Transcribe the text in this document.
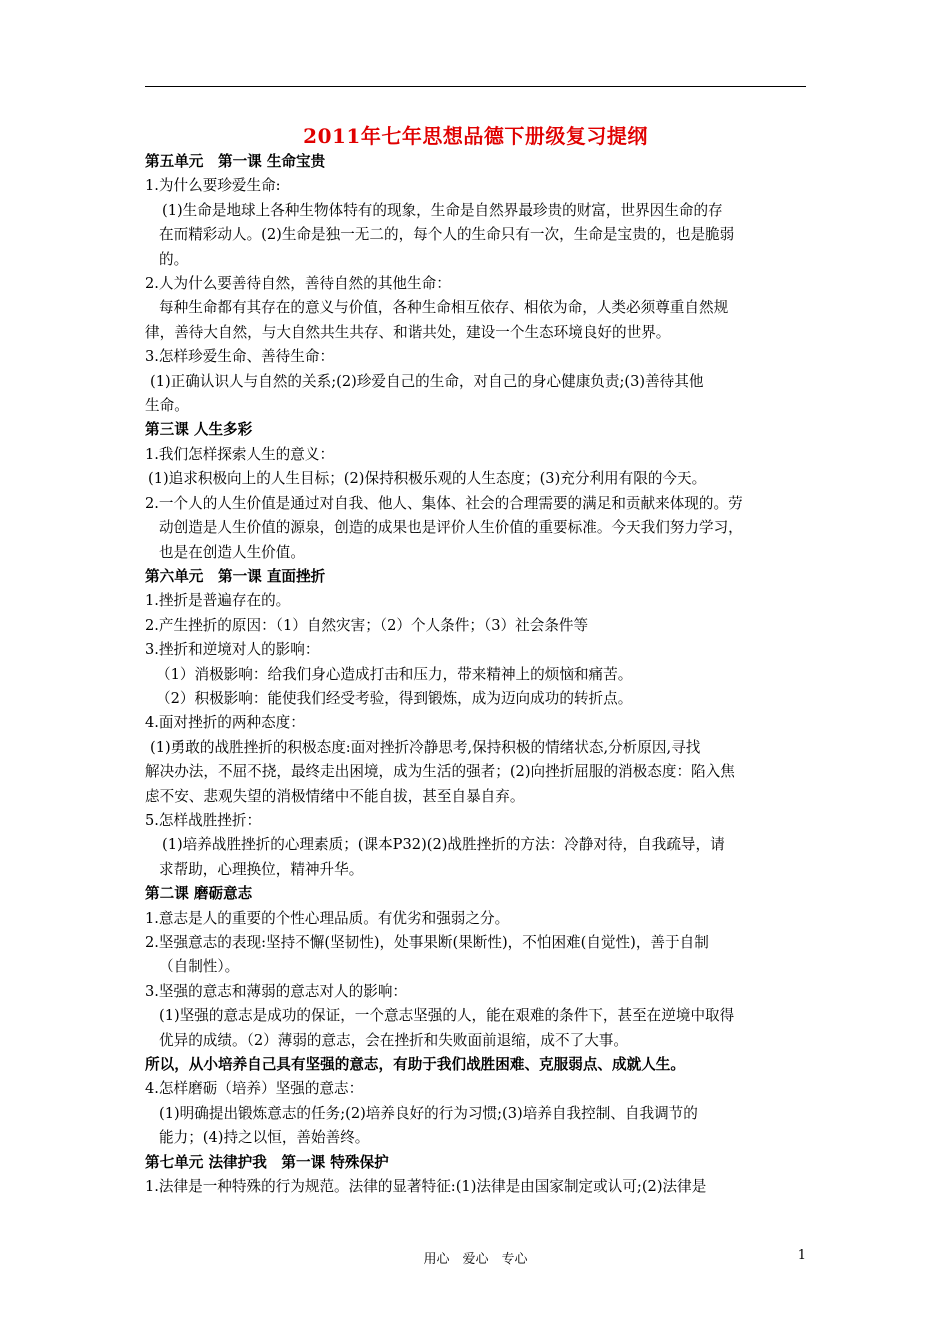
2011年七年思想品德下册级复习提纲
第五单元　第一课 生命宝贵
1.为什么要珍爱生命:
(1)生命是地球上各种生物体特有的现象，生命是自然界最珍贵的财富，世界因生命的存
在而精彩动人。(2)生命是独一无二的，每个人的生命只有一次，生命是宝贵的，也是脆弱
的。
2.人为什么要善待自然，善待自然的其他生命：
每种生命都有其存在的意义与价值，各种生命相互依存、相依为命，人类必须尊重自然规
律，善待大自然，与大自然共生共存、和谐共处，建设一个生态环境良好的世界。
3.怎样珍爱生命、善待生命：
(1)正确认识人与自然的关系;(2)珍爱自己的生命，对自己的身心健康负责;(3)善待其他
生命。
第三课 人生多彩
1.我们怎样探索人生的意义：
(1)追求积极向上的人生目标；(2)保持积极乐观的人生态度；(3)充分利用有限的今天。
2.一个人的人生价值是通过对自我、他人、集体、社会的合理需要的满足和贡献来体现的。劳
动创造是人生价值的源泉，创造的成果也是评价人生价值的重要标准。今天我们努力学习，
也是在创造人生价值。
第六单元　第一课 直面挫折
1.挫折是普遍存在的。
2.产生挫折的原因：（1）自然灾害；（2）个人条件；（3）社会条件等
3.挫折和逆境对人的影响：
（1）消极影响：给我们身心造成打击和压力，带来精神上的烦恼和痛苦。
（2）积极影响：能使我们经受考验，得到锻炼，成为迈向成功的转折点。
4.面对挫折的两种态度：
(1)勇敢的战胜挫折的积极态度:面对挫折冷静思考,保持积极的情绪状态,分析原因,寻找
解决办法，不屈不挠，最终走出困境，成为生活的强者；(2)向挫折屈服的消极态度：陷入焦
虑不安、悲观失望的消极情绪中不能自拔，甚至自暴自弃。
5.怎样战胜挫折：
(1)培养战胜挫折的心理素质；(课本P32)(2)战胜挫折的方法：冷静对待，自我疏导，请
求帮助，心理换位，精神升华。
第二课 磨砺意志
1.意志是人的重要的个性心理品质。有优劣和强弱之分。
2.坚强意志的表现:坚持不懈(坚韧性)，处事果断(果断性)，不怕困难(自觉性)，善于自制
（自制性）。
3.坚强的意志和薄弱的意志对人的影响：
(1)坚强的意志是成功的保证，一个意志坚强的人，能在艰难的条件下，甚至在逆境中取得
优异的成绩。（2）薄弱的意志，会在挫折和失败面前退缩，成不了大事。
所以，从小培养自己具有坚强的意志，有助于我们战胜困难、克服弱点、成就人生。
4.怎样磨砺（培养）坚强的意志：
(1)明确提出锻炼意志的任务;(2)培养良好的行为习惯;(3)培养自我控制、自我调节的
能力；(4)持之以恒，善始善终。
第七单元 法律护我　第一课 特殊保护
1.法律是一种特殊的行为规范。法律的显著特征:(1)法律是由国家制定或认可;(2)法律是
用心　爱心　专心	1
